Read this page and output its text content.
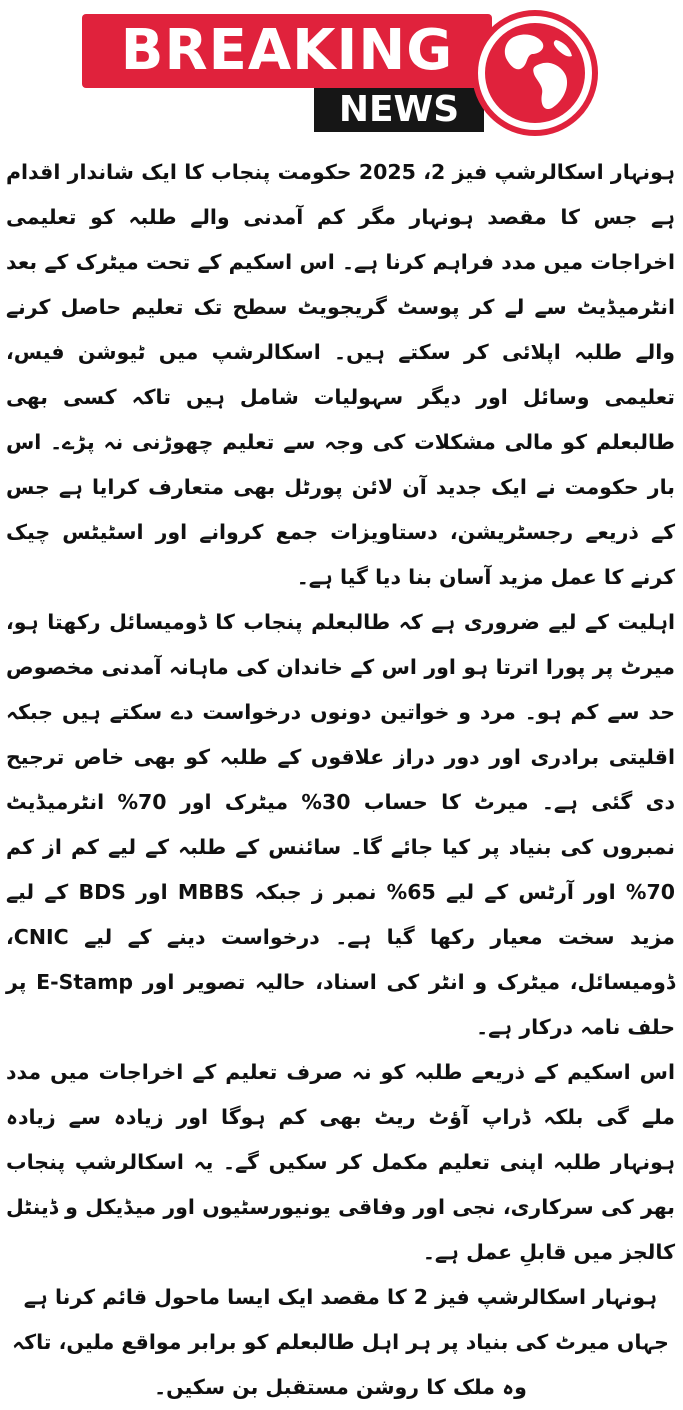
BREAKING
NEWS

ہونہار اسکالرشپ فیز 2، 2025 حکومت پنجاب کا ایک شاندار اقدام ہے جس کا مقصد ہونہار مگر کم آمدنی والے طلبہ کو تعلیمی اخراجات میں مدد فراہم کرنا ہے۔ اس اسکیم کے تحت میٹرک کے بعد انٹرمیڈیٹ سے لے کر پوسٹ گریجویٹ سطح تک تعلیم حاصل کرنے والے طلبہ اپلائی کر سکتے ہیں۔ اسکالرشپ میں ٹیوشن فیس، تعلیمی وسائل اور دیگر سہولیات شامل ہیں تاکہ کسی بھی طالبعلم کو مالی مشکلات کی وجہ سے تعلیم چھوڑنی نہ پڑے۔ اس بار حکومت نے ایک جدید آن لائن پورٹل بھی متعارف کرایا ہے جس کے ذریعے رجسٹریشن، دستاویزات جمع کروانے اور اسٹیٹس چیک کرنے کا عمل مزید آسان بنا دیا گیا ہے۔

اہلیت کے لیے ضروری ہے کہ طالبعلم پنجاب کا ڈومیسائل رکھتا ہو، میرٹ پر پورا اترتا ہو اور اس کے خاندان کی ماہانہ آمدنی مخصوص حد سے کم ہو۔ مرد و خواتین دونوں درخواست دے سکتے ہیں جبکہ اقلیتی برادری اور دور دراز علاقوں کے طلبہ کو بھی خاص ترجیح دی گئی ہے۔ میرٹ کا حساب 30% میٹرک اور 70% انٹرمیڈیٹ نمبروں کی بنیاد پر کیا جائے گا۔ سائنس کے طلبہ کے لیے کم از کم 70% اور آرٹس کے لیے 65% نمبر ز جبکہ MBBS اور BDS کے لیے مزید سخت معیار رکھا گیا ہے۔ درخواست دینے کے لیے CNIC، ڈومیسائل، میٹرک و انٹر کی اسناد، حالیہ تصویر اور E-Stamp پر حلف نامہ درکار ہے۔

اس اسکیم کے ذریعے طلبہ کو نہ صرف تعلیم کے اخراجات میں مدد ملے گی بلکہ ڈراپ آؤٹ ریٹ بھی کم ہوگا اور زیادہ سے زیادہ ہونہار طلبہ اپنی تعلیم مکمل کر سکیں گے۔ یہ اسکالرشپ پنجاب بھر کی سرکاری، نجی اور وفاقی یونیورسٹیوں اور میڈیکل و ڈینٹل کالجز میں قابلِ عمل ہے۔

ہونہار اسکالرشپ فیز 2 کا مقصد ایک ایسا ماحول قائم کرنا ہے جہاں میرٹ کی بنیاد پر ہر اہل طالبعلم کو برابر مواقع ملیں، تاکہ وہ ملک کا روشن مستقبل بن سکیں۔
